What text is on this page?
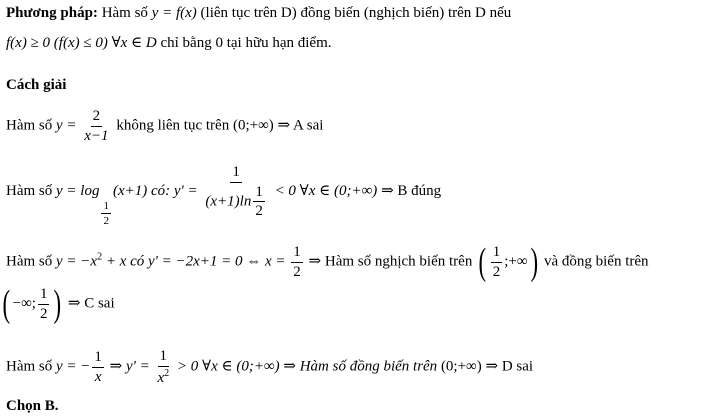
Phương pháp: Hàm số y = f(x) (liên tục trên D) đồng biến (nghịch biến) trên D nếu
f(x) ≥ 0 (f(x) ≤ 0) ∀x ∈ D chỉ bằng 0 tại hữu hạn điểm.
Cách giải
Hàm số $y = \frac{2}{x-1}$ không liên tục trên (0;+∞) ⇒ A sai
Hàm số y = log
$\frac{1}{2}$
(x+1) có: $y' = \frac{1}{(x+1)\ln \frac{1}{2}} < 0$ ∀x ∈ (0;+∞) ⇒ B đúng
Hàm số $y = -x^2 + x$ có y' = −2x+1 = 0 ⇔ $x = \frac{1}{2}$ ⇒ Hàm số nghịch biến trên ( $\frac{1}{2}$ ;+∞) và đồng biến trên
( −∞; $\frac{1}{2}$ ) ⇒ C sai
Hàm số y = − $\frac{1}{x}$ ⇒ $y' = \frac{1}{x^2} > 0$ ∀x ∈ (0;+∞) ⇒ Hàm số đồng biến trên (0;+∞) ⇒ D sai
Chọn B.
